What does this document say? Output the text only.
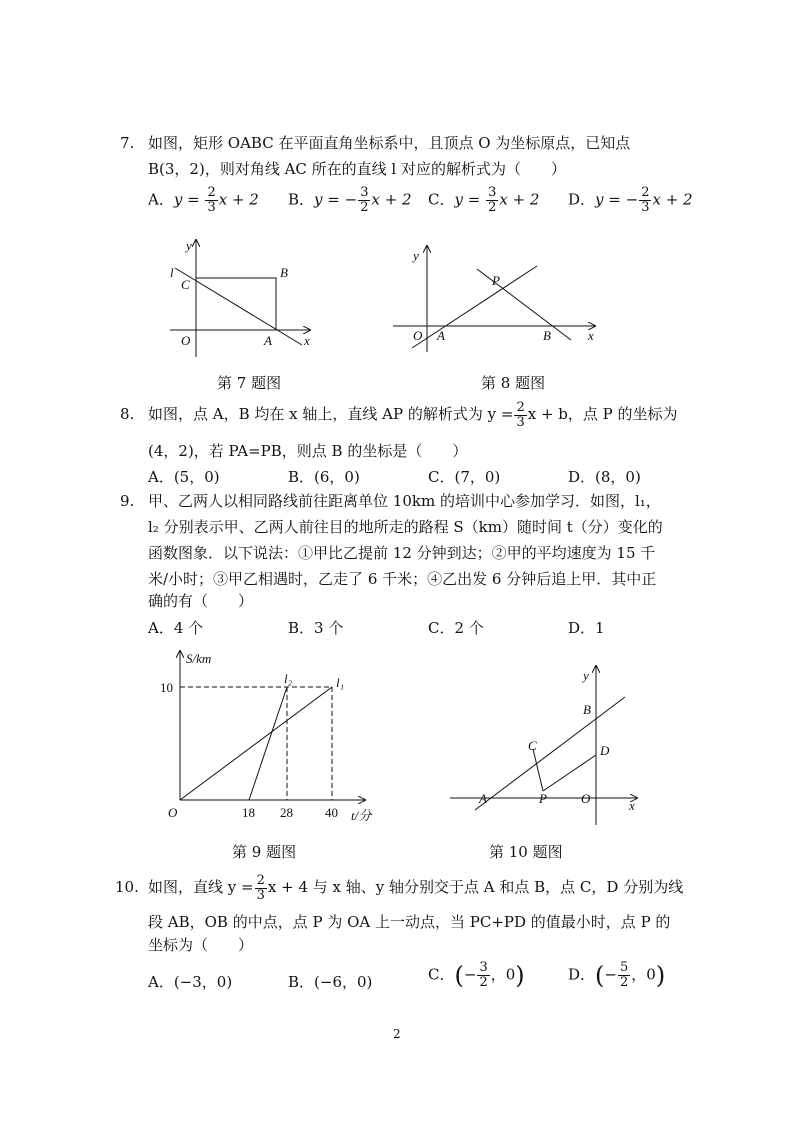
7. 如图，矩形 OABC 在平面直角坐标系中，且顶点 O 为坐标原点，已知点
B(3，2)，则对角线 AC 所在的直线 l 对应的解析式为（　　）
A．$y = \frac{2}{3}$ x + 2 B．y = − $\frac{3}{2}$ x + 2 C．$y = \frac{3}{2}$ x + 2 D．y = − $\frac{2}{3}$ x + 2
y
l
C
B
O	A x
第 7 题图
y
P
O A	B	x
第 8 题图
8. 如图，点 A，B 均在 x 轴上，直线 AP 的解析式为 $y = \frac{2}{3}$ x + b，点 P 的坐标为
(4，2)，若 PA=PB，则点 B 的坐标是（　　）
A．(5，0)	B．(6，0)	C．(7，0)	D．(8，0)
9. 甲、乙两人以相同路线前往距离单位 10km 的培训中心参加学习．如图，l₁，
l₂ 分别表示甲、乙两人前往目的地所走的路程 S（km）随时间 t（分）变化的
函数图象．以下说法：①甲比乙提前 12 分钟到达；②甲的平均速度为 15 千
米/小时；③甲乙相遇时，乙走了 6 千米；④乙出发 6 分钟后追上甲．其中正
确的有（　　）
A．4 个	B．3 个	C．2 个	D．1
S/km
10
l₂	l₁
O	18 28 40 t/分
第 9 题图
y
B
C	D
A	P	O	x
第 10 题图
10. 如图，直线 $y = \frac{2}{3}$ x + 4 与 x 轴、y 轴分别交于点 A 和点 B，点 C，D 分别为线
段 AB，OB 的中点，点 P 为 OA 上一动点，当 PC+PD 的值最小时，点 P 的
坐标为（　　）
A．(−3，0)	B．(−6，0)	C．(− $\frac{3}{2}$ ，0)	D．(− $\frac{5}{2}$ ，0)
2
